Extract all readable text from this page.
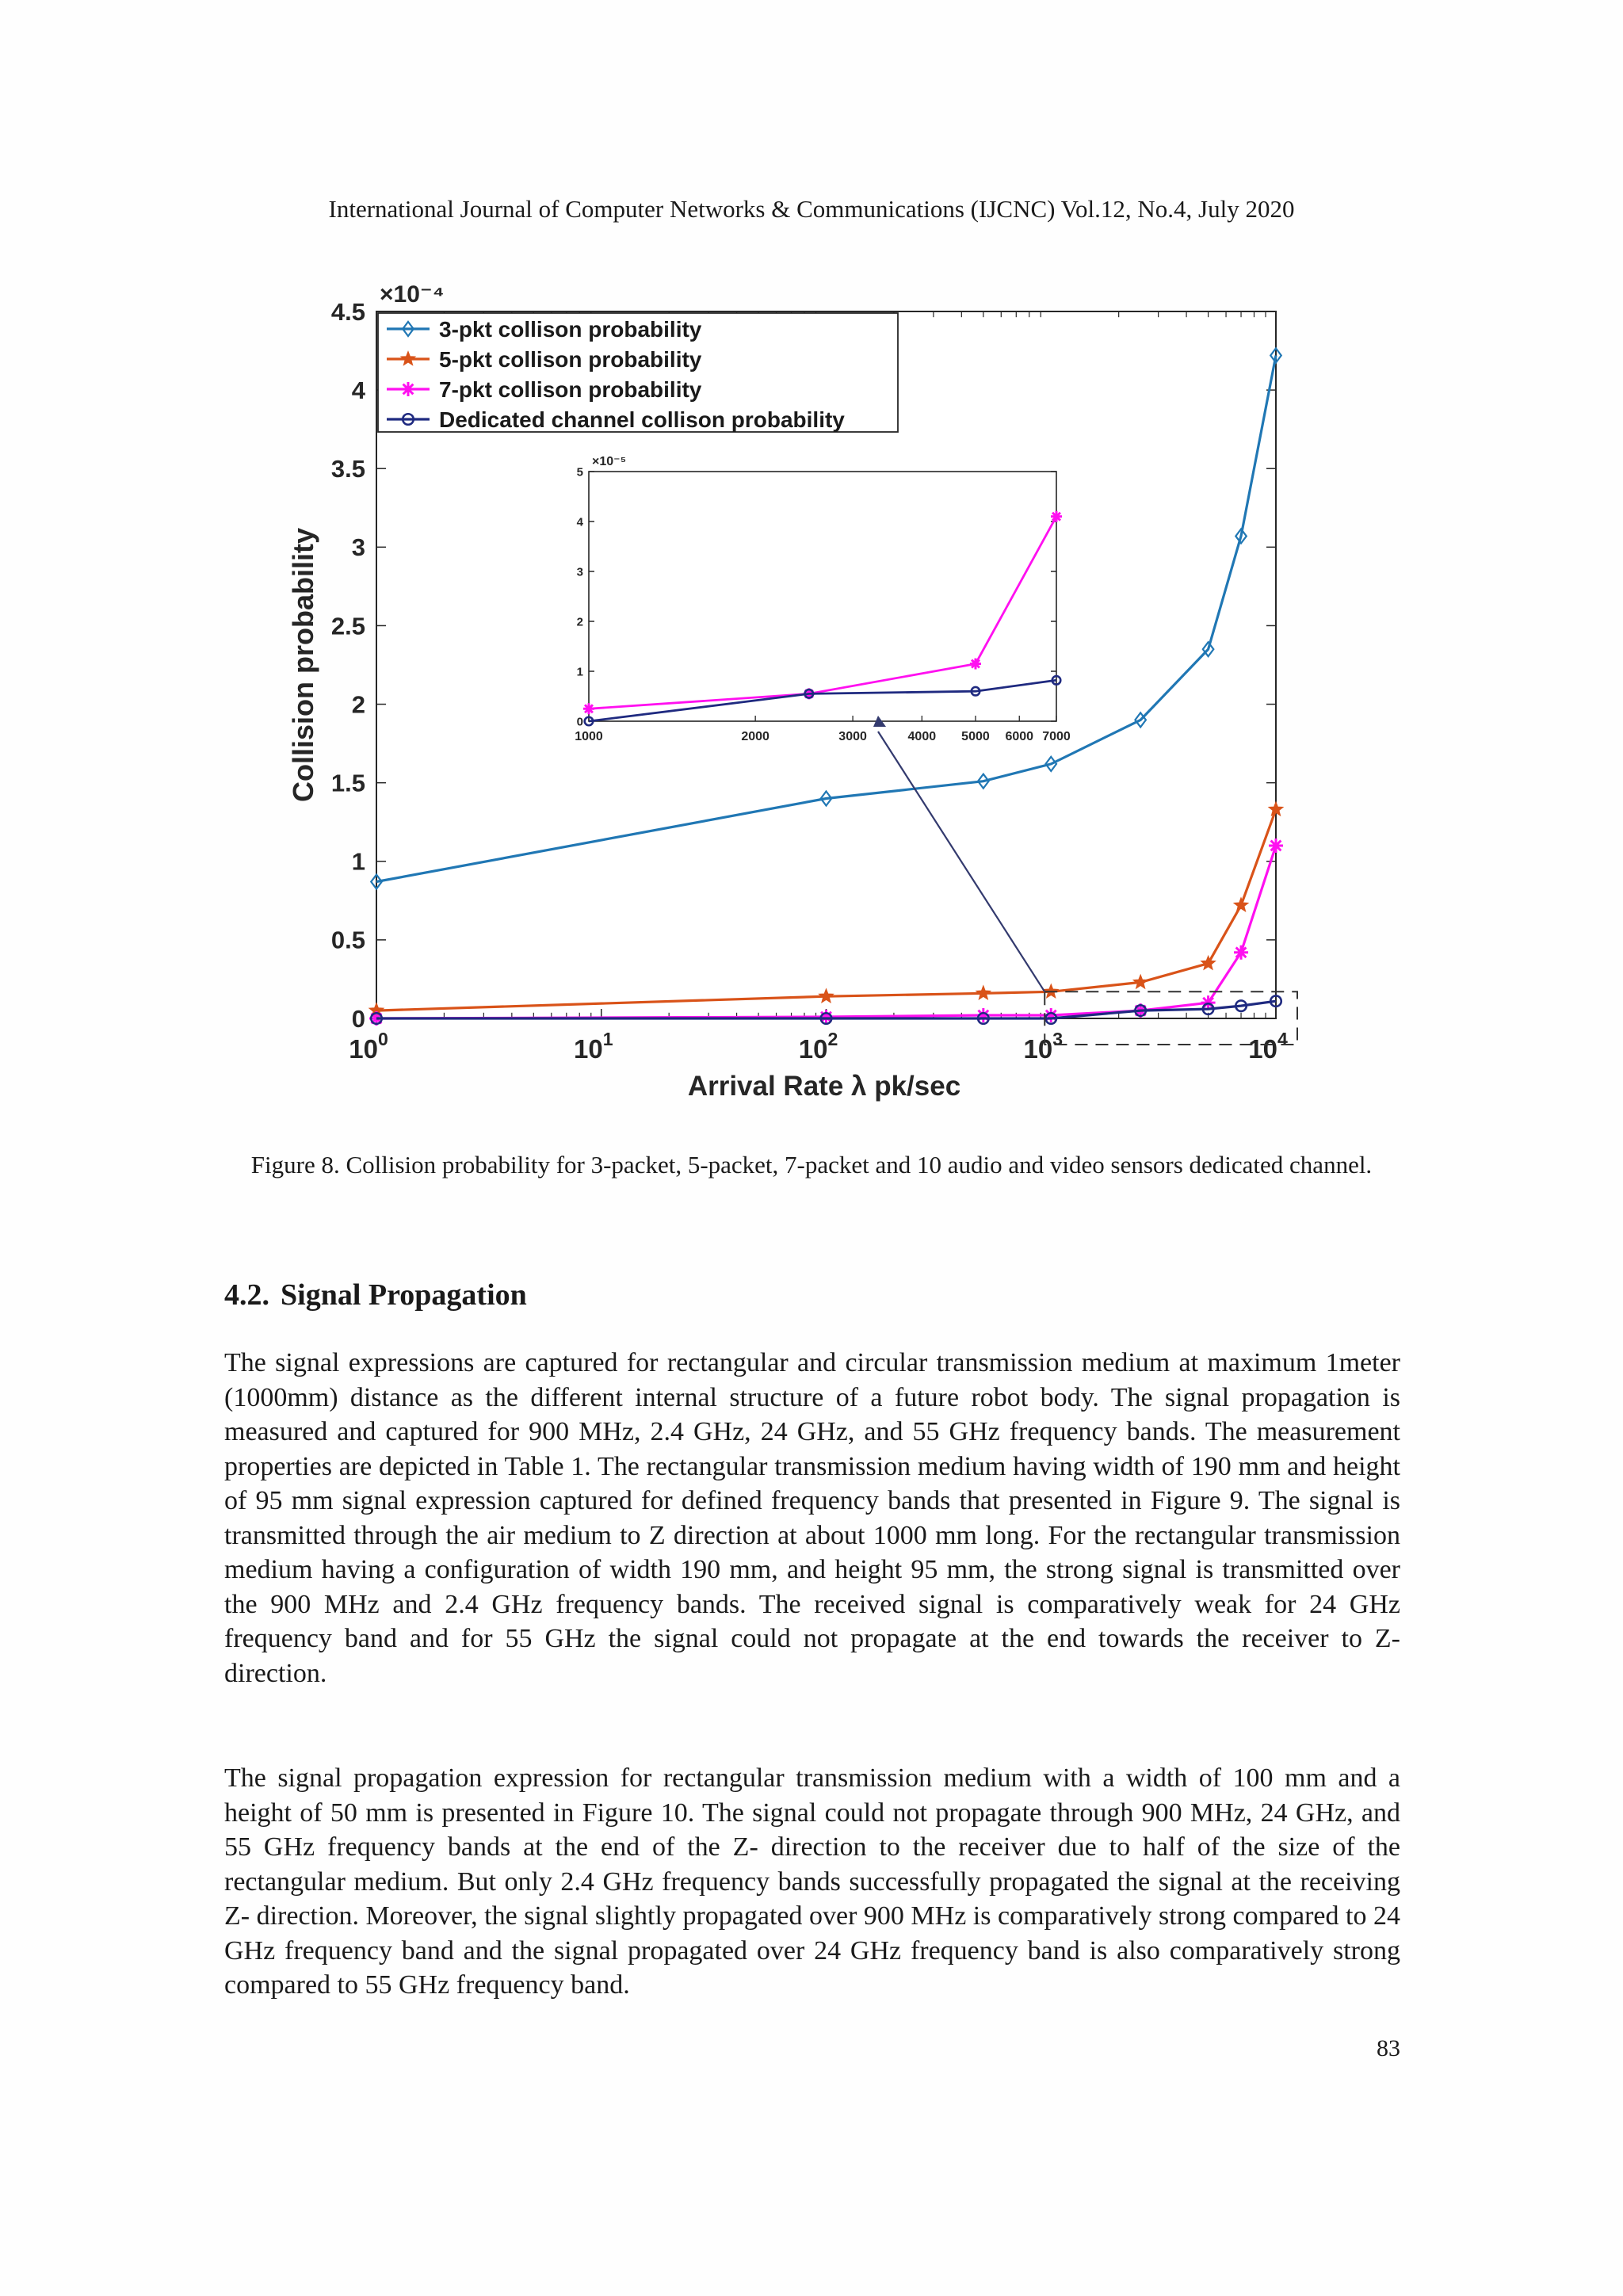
International Journal of Computer Networks & Communications (IJCNC) Vol.12, No.4, July 2020
0
0.5
1
1.5
2
2.5
3
3.5
4
4.5
$10^0$	$10^1$	$10^2$	$10^3$	$10^4$
×10⁻⁴
Arrival Rate λ pk/sec
Collision probability	0
1
2
3
4
5
1000	2000	3000	4000 5000 6000 7000
×10⁻⁵
3-pkt collison probability
5-pkt collison probability
7-pkt collison probability
Dedicated channel collison probability
Figure 8. Collision probability for 3-packet, 5-packet, 7-packet and 10 audio and video sensors dedicated channel.
4.2. Signal Propagation

The signal expressions are captured for rectangular and circular transmission medium at maximum 1meter (1000mm) distance as the different internal structure of a future robot body. The signal propagation is measured and captured for 900 MHz, 2.4 GHz, 24 GHz, and 55 GHz frequency bands. The measurement properties are depicted in Table 1. The rectangular transmission medium having width of 190 mm and height of 95 mm signal expression captured for defined frequency bands that presented in Figure 9. The signal is transmitted through the air medium to Z direction at about 1000 mm long. For the rectangular transmission medium having a configuration of width 190 mm, and height 95 mm, the strong signal is transmitted over the 900 MHz and 2.4 GHz frequency bands. The received signal is comparatively weak for 24 GHz frequency band and for 55 GHz the signal could not propagate at the end towards the receiver to Z- direction.

The signal propagation expression for rectangular transmission medium with a width of 100 mm and a height of 50 mm is presented in Figure 10. The signal could not propagate through 900 MHz, 24 GHz, and 55 GHz frequency bands at the end of the Z- direction to the receiver due to half of the size of the rectangular medium. But only 2.4 GHz frequency bands successfully propagated the signal at the receiving Z- direction. Moreover, the signal slightly propagated over 900 MHz is comparatively strong compared to 24 GHz frequency band and the signal propagated over 24 GHz frequency band is also comparatively strong compared to 55 GHz frequency band.

83
